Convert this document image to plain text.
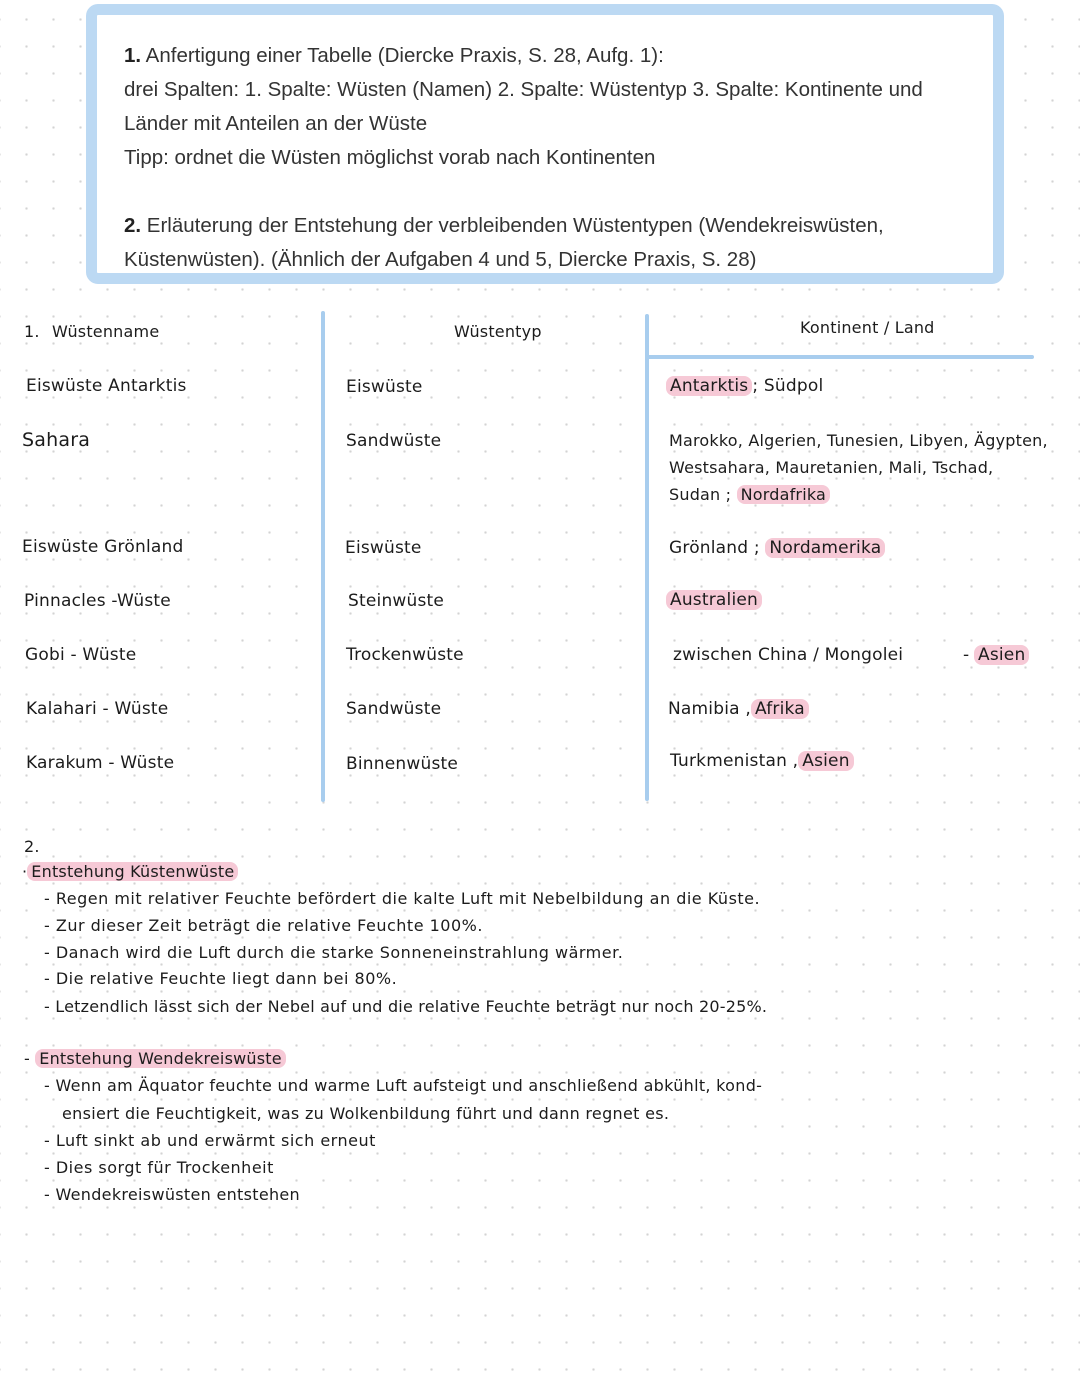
1. Anfertigung einer Tabelle (Diercke Praxis, S. 28, Aufg. 1):
drei Spalten: 1. Spalte: Wüsten (Namen) 2. Spalte: Wüstentyp 3. Spalte: Kontinente und
Länder mit Anteilen an der Wüste
Tipp: ordnet die Wüsten möglichst vorab nach Kontinenten
2. Erläuterung der Entstehung der verbleibenden Wüstentypen (Wendekreiswüsten,
Küstenwüsten). (Ähnlich der Aufgaben 4 und 5, Diercke Praxis, S. 28)
1. Wüstenname	Wüstentyp	Kontinent / Land
Eiswüste Antarktis	Eiswüste	Antarktis ; Südpol
Sahara	Sandwüste	Marokko, Algerien, Tunesien, Libyen, Ägypten,
Westsahara, Mauretanien, Mali, Tschad,
Sudan ; Nordafrika
Eiswüste Grönland	Eiswüste	Grönland ; Nordamerika
Pinnacles -Wüste	Steinwüste	Australien
Gobi - Wüste	Trockenwüste	zwischen China / Mongolei	- Asien
Kalahari - Wüste	Sandwüste	Namibia , Afrika
Karakum - Wüste	Binnenwüste	Turkmenistan , Asien
2.
· Entstehung Küstenwüste
- Regen mit relativer Feuchte befördert die kalte Luft mit Nebelbildung an die Küste.
- Zur dieser Zeit beträgt die relative Feuchte 100%.
- Danach wird die Luft durch die starke Sonneneinstrahlung wärmer.
- Die relative Feuchte liegt dann bei 80%.
- Letzendlich lässt sich der Nebel auf und die relative Feuchte beträgt nur noch 20-25%.
- Entstehung Wendekreiswüste
- Wenn am Äquator feuchte und warme Luft aufsteigt und anschließend abkühlt, kond-
ensiert die Feuchtigkeit, was zu Wolkenbildung führt und dann regnet es.
- Luft sinkt ab und erwärmt sich erneut
- Dies sorgt für Trockenheit
- Wendekreiswüsten entstehen
